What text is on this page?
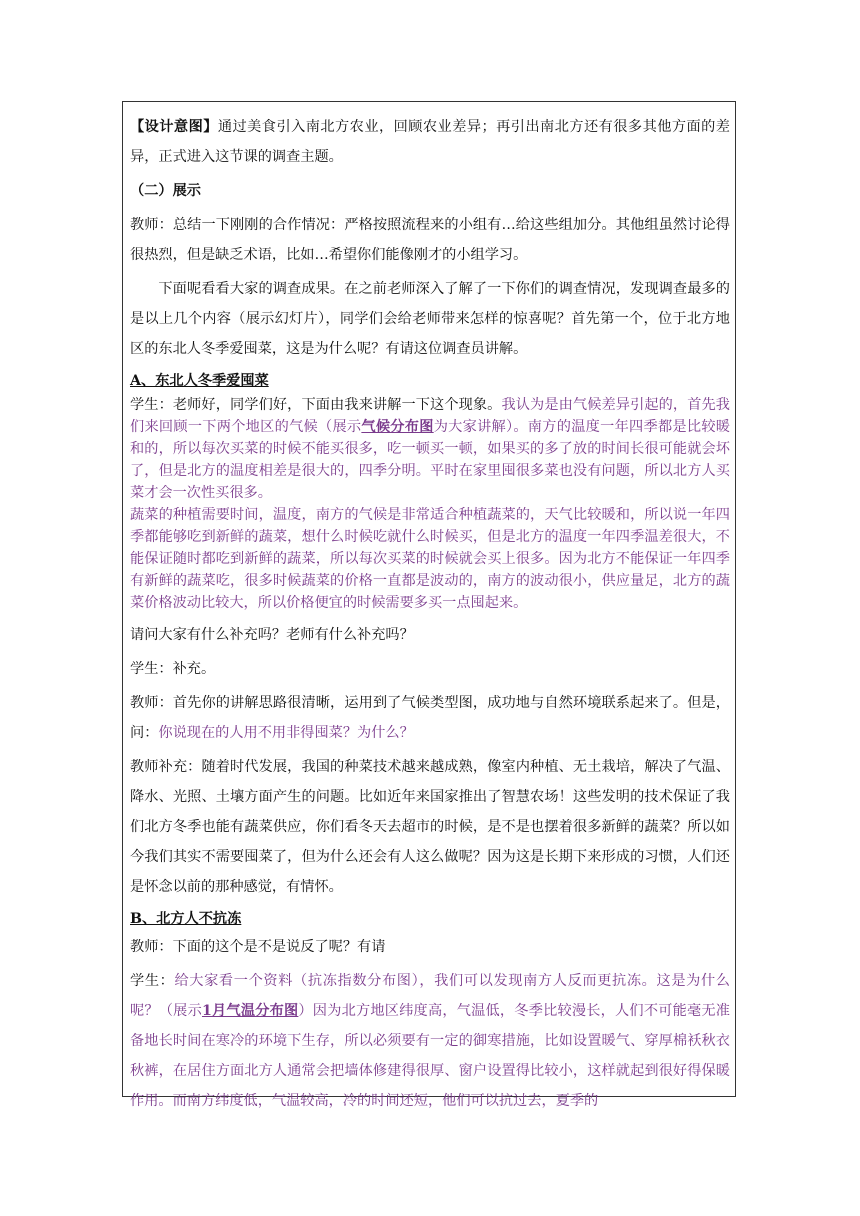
【设计意图】通过美食引入南北方农业，回顾农业差异；再引出南北方还有很多其他方面的差异，正式进入这节课的调查主题。

（二）展示

教师：总结一下刚刚的合作情况：严格按照流程来的小组有…给这些组加分。其他组虽然讨论得很热烈，但是缺乏术语，比如…希望你们能像刚才的小组学习。

下面呢看看大家的调查成果。在之前老师深入了解了一下你们的调查情况，发现调查最多的是以上几个内容（展示幻灯片），同学们会给老师带来怎样的惊喜呢？首先第一个，位于北方地区的东北人冬季爱囤菜，这是为什么呢？有请这位调查员讲解。

A、东北人冬季爱囤菜

学生：老师好，同学们好，下面由我来讲解一下这个现象。我认为是由气候差异引起的，首先我们来回顾一下两个地区的气候（展示气候分布图为大家讲解）。南方的温度一年四季都是比较暖和的，所以每次买菜的时候不能买很多，吃一顿买一顿，如果买的多了放的时间长很可能就会坏了，但是北方的温度相差是很大的，四季分明。平时在家里囤很多菜也没有问题，所以北方人买菜才会一次性买很多。

蔬菜的种植需要时间，温度，南方的气候是非常适合种植蔬菜的，天气比较暖和，所以说一年四季都能够吃到新鲜的蔬菜，想什么时候吃就什么时候买，但是北方的温度一年四季温差很大，不能保证随时都吃到新鲜的蔬菜，所以每次买菜的时候就会买上很多。因为北方不能保证一年四季有新鲜的蔬菜吃，很多时候蔬菜的价格一直都是波动的，南方的波动很小，供应量足，北方的蔬菜价格波动比较大，所以价格便宜的时候需要多买一点囤起来。

请问大家有什么补充吗？老师有什么补充吗？

学生：补充。

教师：首先你的讲解思路很清晰，运用到了气候类型图，成功地与自然环境联系起来了。但是，问：你说现在的人用不用非得囤菜？为什么？

教师补充：随着时代发展，我国的种菜技术越来越成熟，像室内种植、无土栽培，解决了气温、降水、光照、土壤方面产生的问题。比如近年来国家推出了智慧农场！这些发明的技术保证了我们北方冬季也能有蔬菜供应，你们看冬天去超市的时候，是不是也摆着很多新鲜的蔬菜？所以如今我们其实不需要囤菜了，但为什么还会有人这么做呢？因为这是长期下来形成的习惯，人们还是怀念以前的那种感觉，有情怀。

B、北方人不抗冻

教师：下面的这个是不是说反了呢？有请

学生：给大家看一个资料（抗冻指数分布图），我们可以发现南方人反而更抗冻。这是为什么呢？（展示1月气温分布图）因为北方地区纬度高，气温低，冬季比较漫长，人们不可能毫无准备地长时间在寒冷的环境下生存，所以必须要有一定的御寒措施，比如设置暖气、穿厚棉袄秋衣秋裤，在居住方面北方人通常会把墙体修建得很厚、窗户设置得比较小，这样就起到很好得保暖作用。而南方纬度低，气温较高，冷的时间还短，他们可以抗过去，夏季的
